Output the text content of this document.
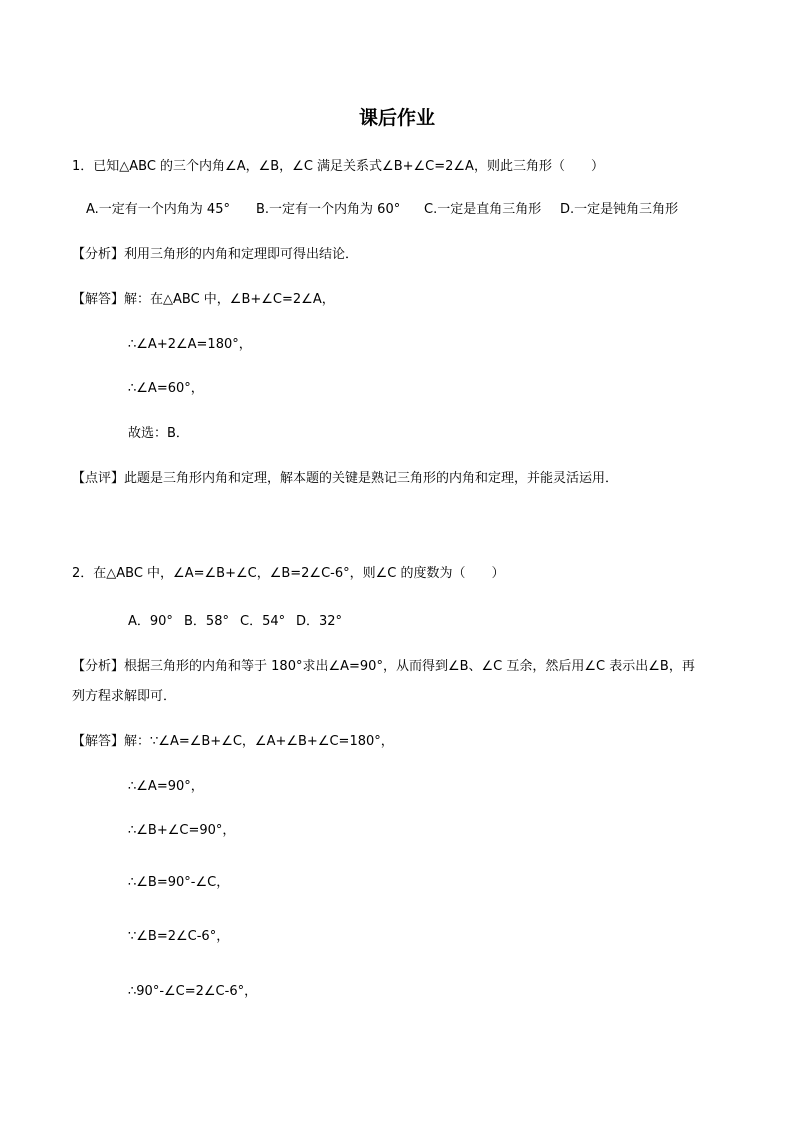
课后作业
1．已知△ABC 的三个内角∠A，∠B，∠C 满足关系式∠B+∠C=2∠A，则此三角形（　　）
A.一定有一个内角为 45° B.一定有一个内角为 60° C.一定是直角三角形 D.一定是钝角三角形
【分析】利用三角形的内角和定理即可得出结论．
【解答】解：在△ABC 中，∠B+∠C=2∠A，
∴∠A+2∠A=180°，
∴∠A=60°，
故选：B．
【点评】此题是三角形内角和定理，解本题的关键是熟记三角形的内角和定理，并能灵活运用．
2．在△ABC 中，∠A=∠B+∠C，∠B=2∠C-6°，则∠C 的度数为（　　）
A．90° B．58° C．54° D．32°
【分析】根据三角形的内角和等于 180°求出∠A=90°，从而得到∠B、∠C 互余，然后用∠C 表示出∠B，再
列方程求解即可．
【解答】解：∵∠A=∠B+∠C，∠A+∠B+∠C=180°，
∴∠A=90°，
∴∠B+∠C=90°，
∴∠B=90°-∠C，
∵∠B=2∠C-6°，
∴90°-∠C=2∠C-6°，
